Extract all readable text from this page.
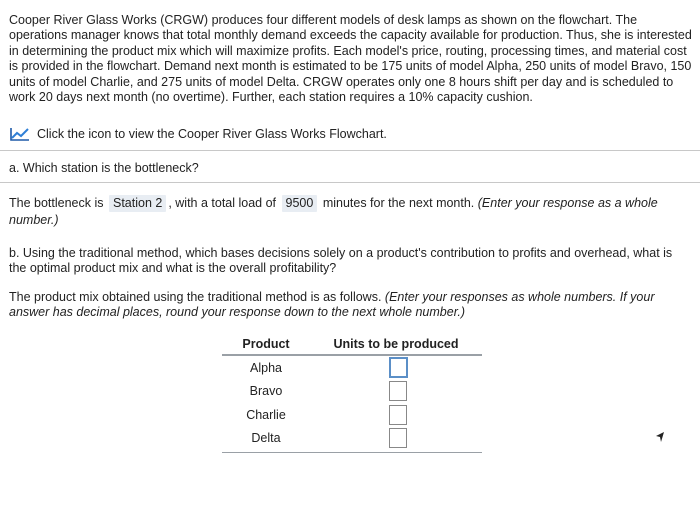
Cooper River Glass Works (CRGW) produces four different models of desk lamps as shown on the flowchart. The operations manager knows that total monthly demand exceeds the capacity available for production. Thus, she is interested in determining the product mix which will maximize profits. Each model's price, routing, processing times, and material cost is provided in the flowchart. Demand next month is estimated to be 175 units of model Alpha, 250 units of model Bravo, 150 units of model Charlie, and 275 units of model Delta. CRGW operates only one 8 hours shift per day and is scheduled to work 20 days next month (no overtime). Further, each station requires a 10% capacity cushion.
Click the icon to view the Cooper River Glass Works Flowchart.
a. Which station is the bottleneck?
The bottleneck is Station 2 , with a total load of 9500 minutes for the next month. (Enter your response as a whole number.)
b. Using the traditional method, which bases decisions solely on a product's contribution to profits and overhead, what is the optimal product mix and what is the overall profitability?
The product mix obtained using the traditional method is as follows. (Enter your responses as whole numbers. If your answer has decimal places, round your response down to the next whole number.)
Product	Units to be produced
Alpha
Bravo
Charlie
Delta
